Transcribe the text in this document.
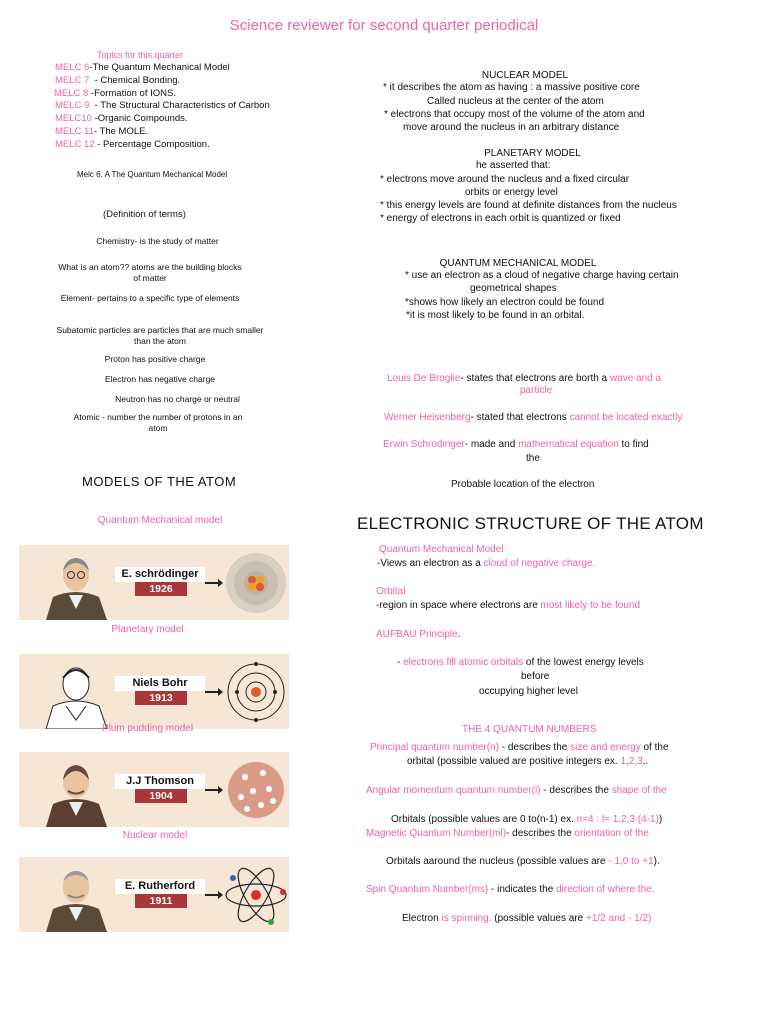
Science reviewer for second quarter periodical
Topics for this quarter
MELC 6-The Quantum Mechanical Model
MELC 7  - Chemical Bonding.
MELC 8 -Formation of IONS.
MELC 9  - The Structural Characteristics of Carbon
MELC10 -Organic Compounds.
MELC 11- The MOLE.
MELC 12 - Percentage Composition.
Melc 6. A The Quantum Mechanical Model
(Definition of terms)
Chemistry- is the study of matter
What is an atom?? atoms are the building blocks of matter
Element- pertains to a specific type of elements
Subatomic particles are particles that are much smaller than the atom
Proton has positive charge
Electron has negative charge
Neutron has no charge or neutral
Atomic - number the number of protons in an atom
NUCLEAR MODEL
* it describes the atom as having : a massive positive core
Called nucleus at the center of the atom
* electrons that occupy most of the volume of the atom and
move around the nucleus in an arbitrary distance
PLANETARY MODEL
he asserted that:
* electrons move around the nucleus and a fixed circular
orbits or energy level
* this energy levels are found at definite distances from the nucleus
* energy of electrons in each orbit is quantized or fixed
QUANTUM MECHANICAL MODEL
* use an electron as a cloud of negative charge having certain
geometrical shapes
*shows how likely an electron could be found
*it is most likely to be found in an orbital.
Louis De Broglie- states that electrons are borth a wave and a
particle
Werner Heisenberg- stated that electrons cannot be located exactly
Erwin Schrodinger- made and mathematical equation to find
the
Probable location of the electron
MODELS OF THE ATOM
Quantum Mechanical model
E. schrödinger
1926
Planetary model
Niels Bohr
1913
Plum pudding model
J.J Thomson
1904
Nuclear model
E. Rutherford
1911
ELECTRONIC STRUCTURE OF THE ATOM
Quantum Mechanical Model
-Views an electron as a cloud of negative charge.
Orbital
-region in space where electrons are most likely to be found
AUFBAU Principle.
- electrons fill atomic orbitals of the lowest energy levels
before
occupying higher level
THE 4 QUANTUM NUMBERS
Principal quantum number(n) - describes the size and energy of the
orbital (possible valued are positive integers ex. 1,2,3..
Angular momentum quantum number(l) - describes the shape of the
Orbitals (possible values are 0 to(n-1) ex. n=4 : l= 1,2,3 (4-1))
Magnetic Quantum Number(ml)- describes the orientation of the
Orbitals aaround the nucleus (possible values are - 1,0 to +1).
Spin Quantum Number(ms) - indicates the direction of where the.
Electron is spinning. (possible values are +1/2 and - 1/2)
